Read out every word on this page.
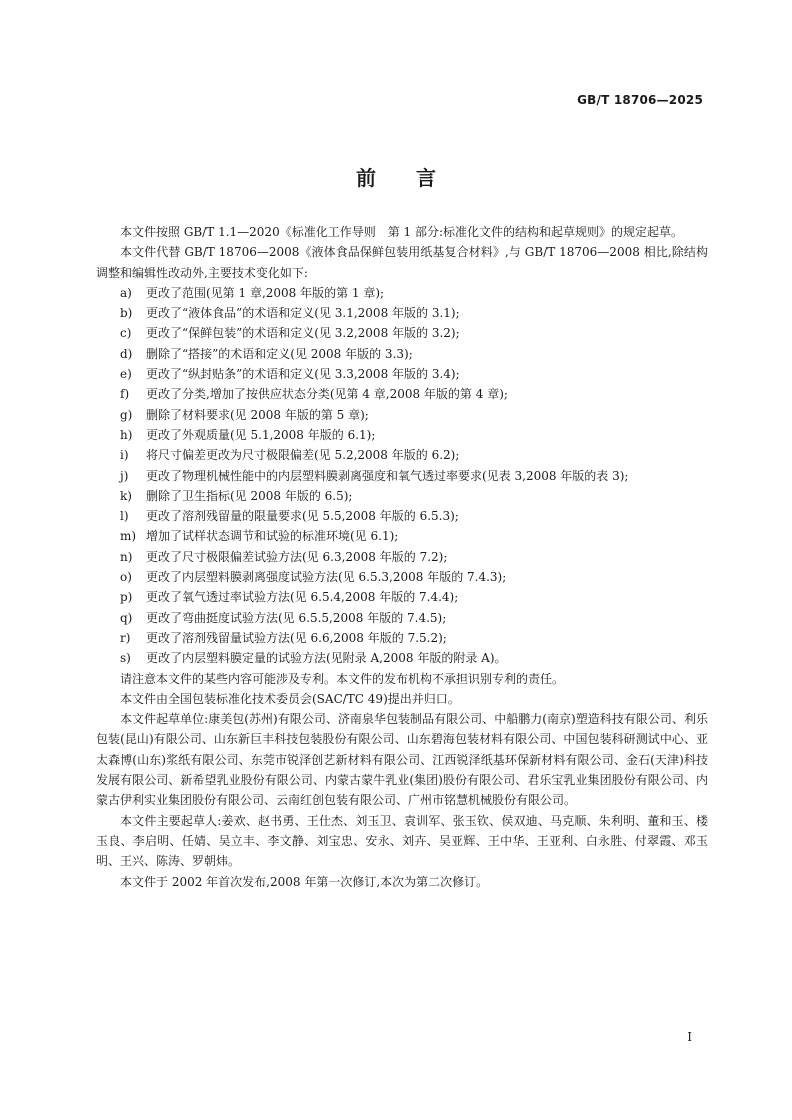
GB/T 18706—2025
前 言

本文件按照 GB/T 1.1—2020《标准化工作导则　第 1 部分:标准化文件的结构和起草规则》的规定起草。

本文件代替 GB/T 18706—2008《液体食品保鲜包装用纸基复合材料》,与 GB/T 18706—2008 相比,除结构调整和编辑性改动外,主要技术变化如下:

a)	更改了范围(见第 1 章,2008 年版的第 1 章);
b)	更改了“液体食品”的术语和定义(见 3.1,2008 年版的 3.1);
c)	更改了“保鲜包装”的术语和定义(见 3.2,2008 年版的 3.2);
d)	删除了“搭接”的术语和定义(见 2008 年版的 3.3);
e)	更改了“纵封贴条”的术语和定义(见 3.3,2008 年版的 3.4);
f)	更改了分类,增加了按供应状态分类(见第 4 章,2008 年版的第 4 章);
g)	删除了材料要求(见 2008 年版的第 5 章);
h)	更改了外观质量(见 5.1,2008 年版的 6.1);
i)	将尺寸偏差更改为尺寸极限偏差(见 5.2,2008 年版的 6.2);
j)	更改了物理机械性能中的内层塑料膜剥离强度和氧气透过率要求(见表 3,2008 年版的表 3);
k)	删除了卫生指标(见 2008 年版的 6.5);
l)	更改了溶剂残留量的限量要求(见 5.5,2008 年版的 6.5.3);
m) 增加了试样状态调节和试验的标准环境(见 6.1);
n)	更改了尺寸极限偏差试验方法(见 6.3,2008 年版的 7.2);
o)	更改了内层塑料膜剥离强度试验方法(见 6.5.3,2008 年版的 7.4.3);
p)	更改了氧气透过率试验方法(见 6.5.4,2008 年版的 7.4.4);
q)	更改了弯曲挺度试验方法(见 6.5.5,2008 年版的 7.4.5);
r)	更改了溶剂残留量试验方法(见 6.6,2008 年版的 7.5.2);
s)	更改了内层塑料膜定量的试验方法(见附录 A,2008 年版的附录 A)。

请注意本文件的某些内容可能涉及专利。本文件的发布机构不承担识别专利的责任。

本文件由全国包装标准化技术委员会(SAC/TC 49)提出并归口。

本文件起草单位:康美包(苏州)有限公司、济南泉华包装制品有限公司、中船鹏力(南京)塑造科技有限公司、利乐包装(昆山)有限公司、山东新巨丰科技包装股份有限公司、山东碧海包装材料有限公司、中国包装科研测试中心、亚太森博(山东)浆纸有限公司、东莞市锐泽创艺新材料有限公司、江西锐泽纸基环保新材料有限公司、金石(天津)科技发展有限公司、新希望乳业股份有限公司、内蒙古蒙牛乳业(集团)股份有限公司、君乐宝乳业集团股份有限公司、内蒙古伊利实业集团股份有限公司、云南红创包装有限公司、广州市铭慧机械股份有限公司。

本文件主要起草人:姜欢、赵书勇、王仕杰、刘玉卫、袁训军、张玉钦、侯双迪、马克顺、朱利明、董和玉、楼玉良、李启明、任婧、吴立丰、李文静、刘宝忠、安永、刘卉、吴亚辉、王中华、王亚利、白永胜、付翠霞、邓玉明、王兴、陈涛、罗朝炜。

本文件于 2002 年首次发布,2008 年第一次修订,本次为第二次修订。

I
